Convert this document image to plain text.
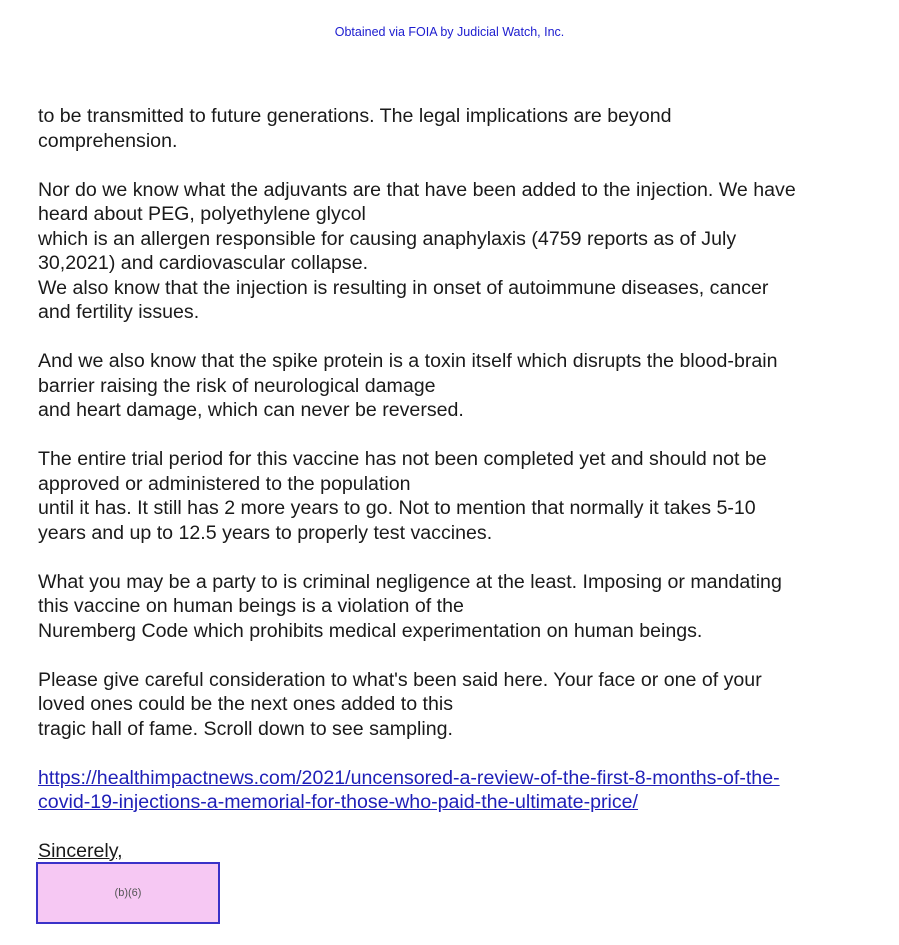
Obtained via FOIA by Judicial Watch, Inc.

to be transmitted to future generations. The legal implications are beyond
comprehension.

Nor do we know what the adjuvants are that have been added to the injection. We have
heard about PEG, polyethylene glycol
which is an allergen responsible for causing anaphylaxis (4759 reports as of July
30,2021) and cardiovascular collapse.
We also know that the injection is resulting in onset of autoimmune diseases, cancer
and fertility issues.

And we also know that the spike protein is a toxin itself which disrupts the blood-brain
barrier raising the risk of neurological damage
and heart damage, which can never be reversed.

The entire trial period for this vaccine has not been completed yet and should not be
approved or administered to the population
until it has. It still has 2 more years to go. Not to mention that normally it takes 5-10
years and up to 12.5 years to properly test vaccines.

What you may be a party to is criminal negligence at the least. Imposing or mandating
this vaccine on human beings is a violation of the
Nuremberg Code which prohibits medical experimentation on human beings.

Please give careful consideration to what's been said here. Your face or one of your
loved ones could be the next ones added to this
tragic hall of fame. Scroll down to see sampling.

https://healthimpactnews.com/2021/uncensored-a-review-of-the-first-8-months-of-the-
covid-19-injections-a-memorial-for-those-who-paid-the-ultimate-price/

Sincerely,

(b)(6)
